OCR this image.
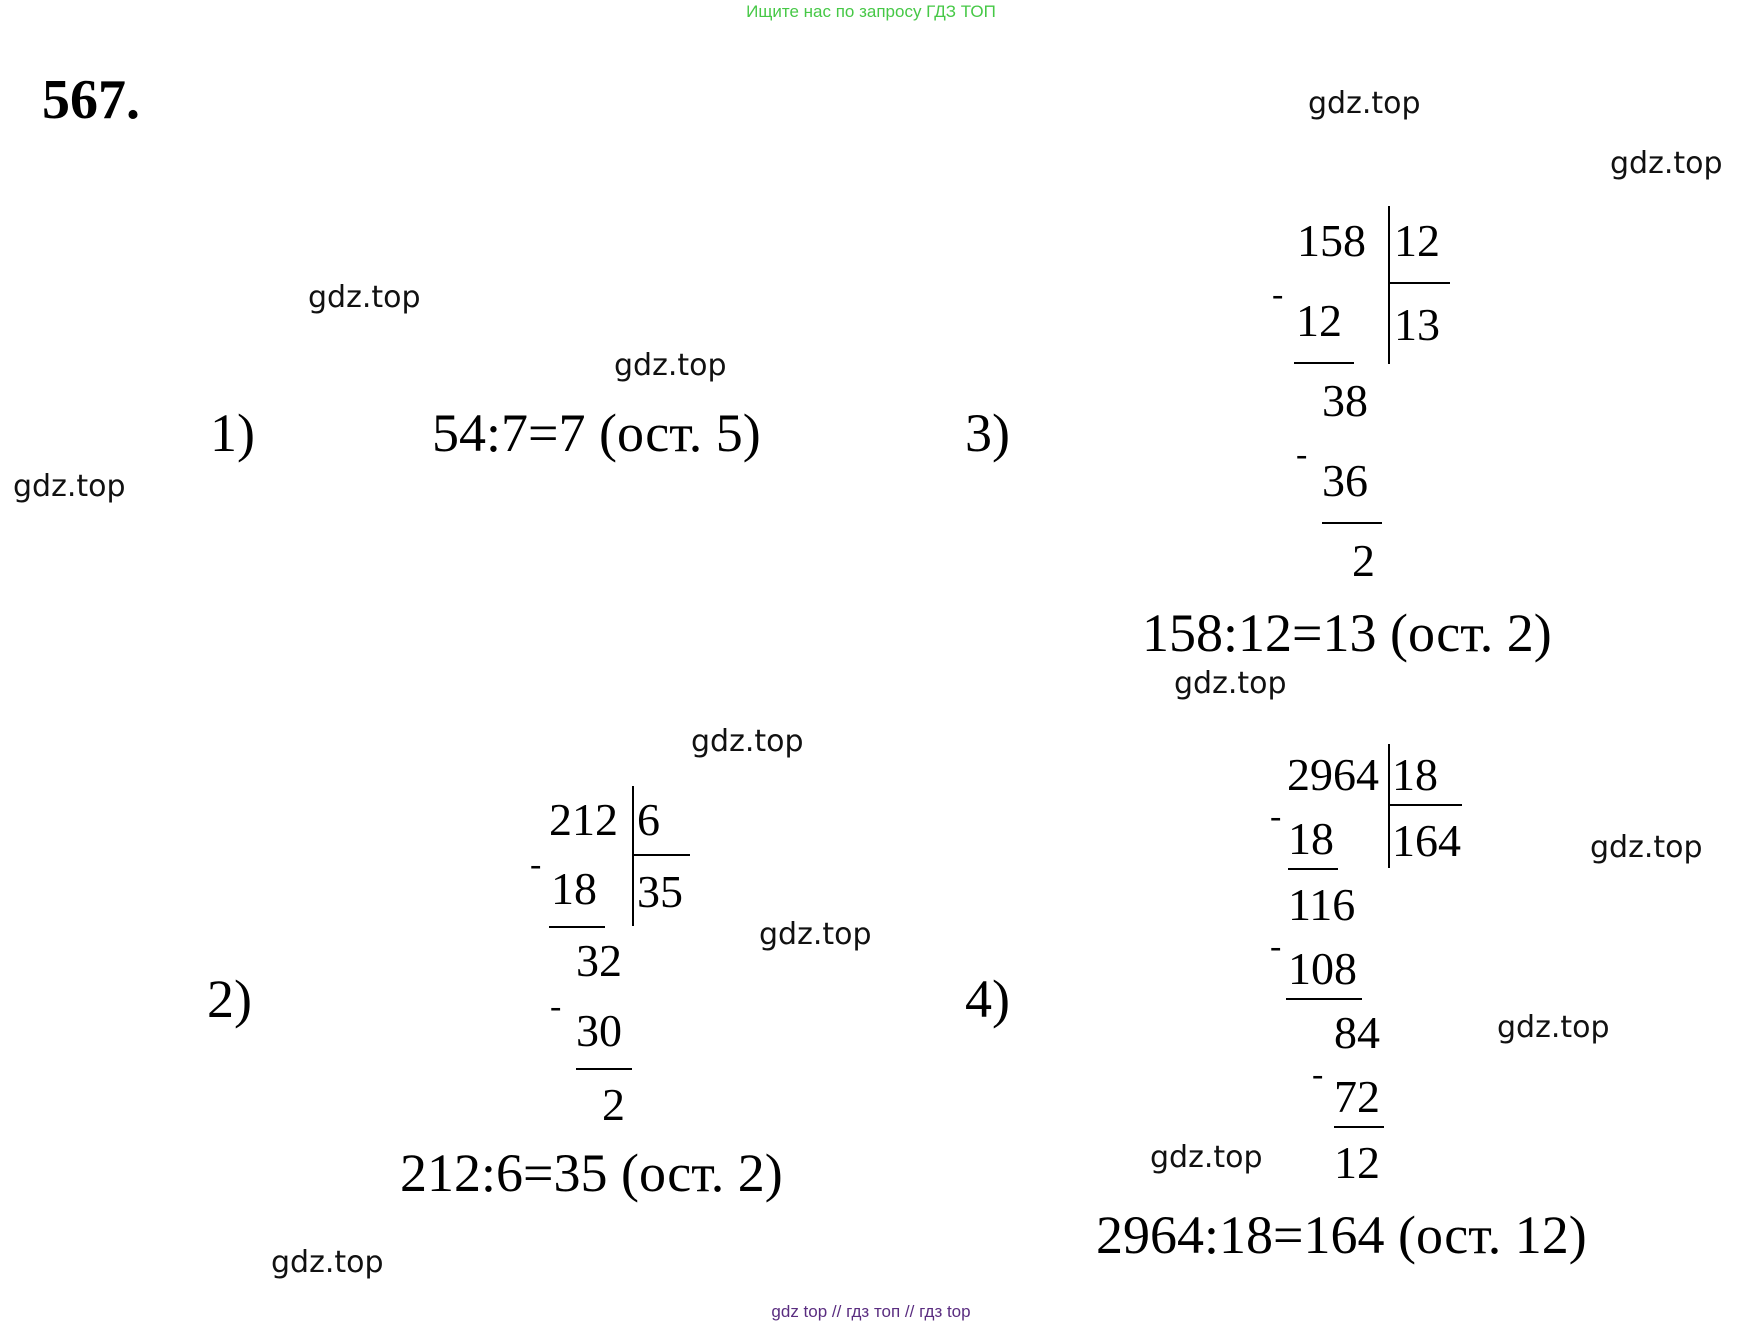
Ищите нас по запросу ГДЗ ТОП
gdz top // гдз топ // гдз top
567.	gdz.top
gdz.top
gdz.top
gdz.top
gdz.top
gdz.top
gdz.top
gdz.top
gdz.top
gdz.top
gdz.top
gdz.top
1)	54:7=7 (ост. 5)	3)
158 12
13
-
12
38
-
36
2
158:12=13 (ост. 2)
2)
212 6
35
- 18
32
- 30
2
212:6=35 (ост. 2)
4)
2964 18
164
- 18
116
- 108
84
- 72
12
2964:18=164 (ост. 12)
